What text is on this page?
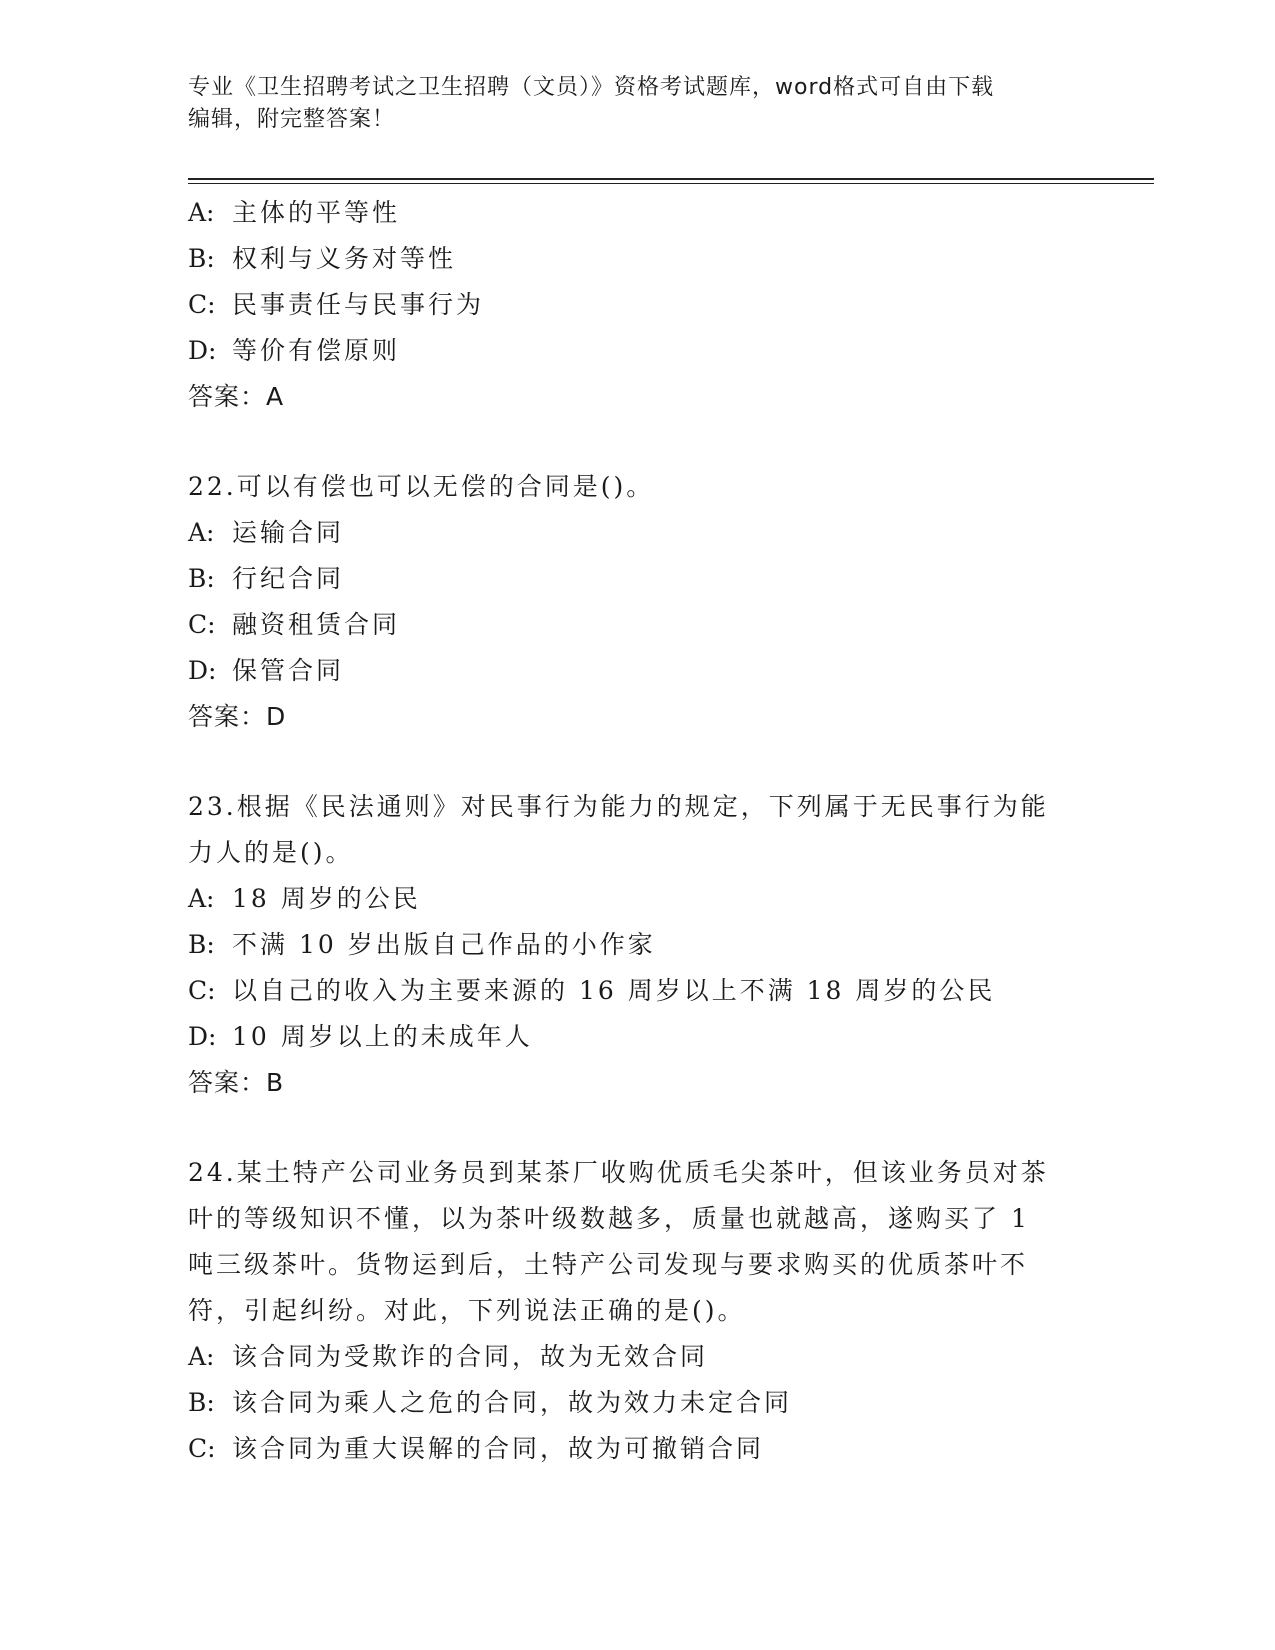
专业《卫生招聘考试之卫生招聘（文员）》资格考试题库，word格式可自由下载
编辑，附完整答案！
A: 主体的平等性
B: 权利与义务对等性
C: 民事责任与民事行为
D: 等价有偿原则
答案：A
22.可以有偿也可以无偿的合同是()。
A: 运输合同
B: 行纪合同
C: 融资租赁合同
D: 保管合同
答案：D
23.根据《民法通则》对民事行为能力的规定，下列属于无民事行为能
力人的是()。
A: 18 周岁的公民
B: 不满 10 岁出版自己作品的小作家
C: 以自己的收入为主要来源的 16 周岁以上不满 18 周岁的公民
D: 10 周岁以上的未成年人
答案：B
24.某土特产公司业务员到某茶厂收购优质毛尖茶叶，但该业务员对茶
叶的等级知识不懂，以为茶叶级数越多，质量也就越高，遂购买了 1
吨三级茶叶。货物运到后，土特产公司发现与要求购买的优质茶叶不
符，引起纠纷。对此，下列说法正确的是()。
A: 该合同为受欺诈的合同，故为无效合同
B: 该合同为乘人之危的合同，故为效力未定合同
C: 该合同为重大误解的合同，故为可撤销合同
